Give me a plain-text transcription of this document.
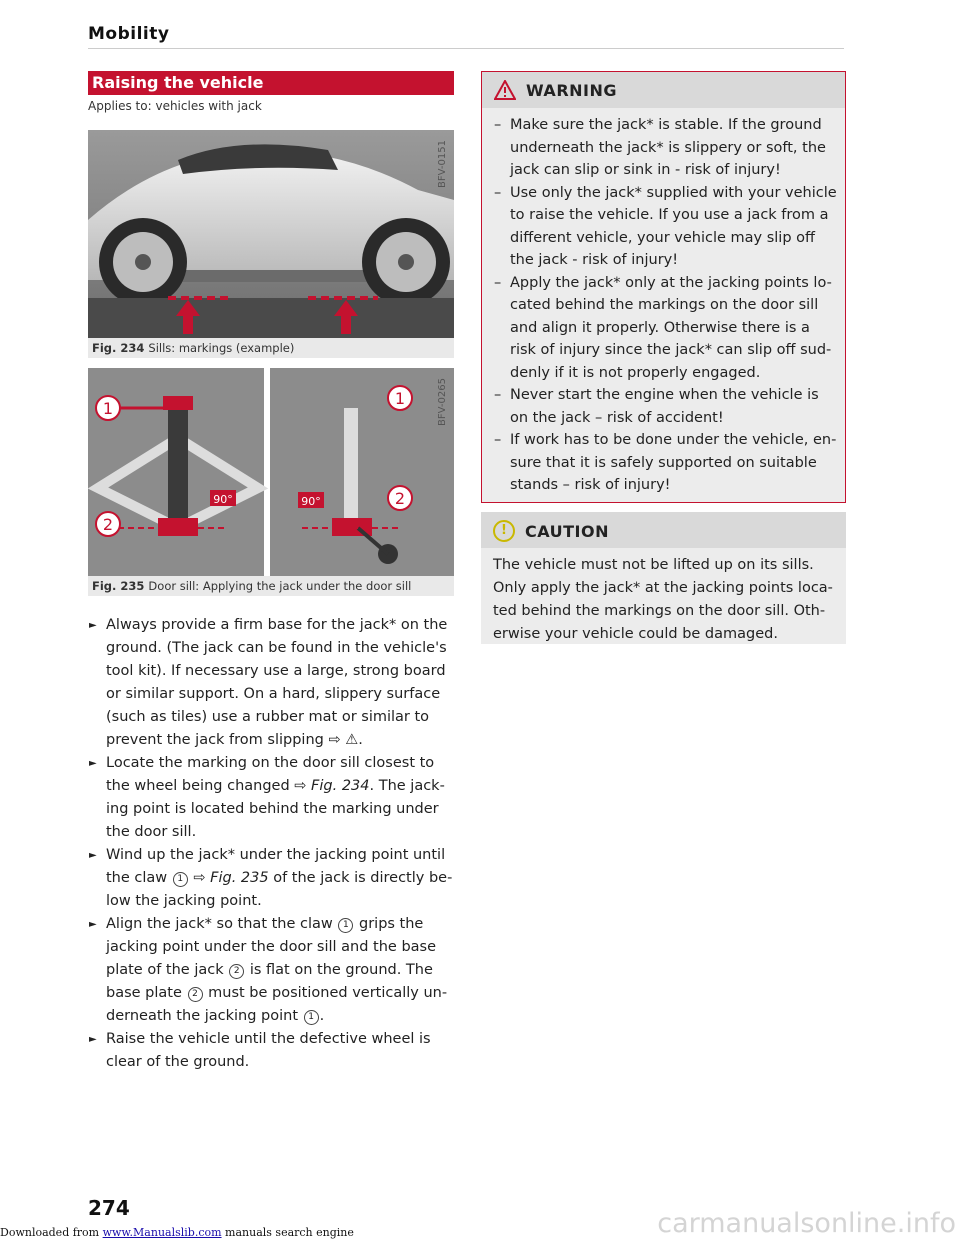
Mobility
Raising the vehicle
Applies to: vehicles with jack
BFV-0151
Fig. 234 Sills: markings (example)
1
2
90°
1
2
90°
BFV-0265
Fig. 235 Door sill: Applying the jack under the door sill
► Always provide a firm base for the jack* on the ground. (The jack can be found in the vehicle's tool kit). If necessary use a large, strong board or similar support. On a hard, slippery surface (such as tiles) use a rubber mat or similar to prevent the jack from slipping ⇨ ⚠.
► Locate the marking on the door sill closest to the wheel being changed ⇨ Fig. 234. The jack-ing point is located behind the marking under the door sill.
► Wind up the jack* under the jacking point until the claw 1 ⇨ Fig. 235 of the jack is directly be-low the jacking point.
► Align the jack* so that the claw 1 grips the jacking point under the door sill and the base plate of the jack 2 is flat on the ground. The base plate 2 must be positioned vertically un-derneath the jacking point 1 .
► Raise the vehicle until the defective wheel is clear of the ground.
WARNING
– Make sure the jack* is stable. If the ground underneath the jack* is slippery or soft, the jack can slip or sink in - risk of injury!
– Use only the jack* supplied with your vehicle to raise the vehicle. If you use a jack from a different vehicle, your vehicle may slip off the jack - risk of injury!
– Apply the jack* only at the jacking points lo-cated behind the markings on the door sill and align it properly. Otherwise there is a risk of injury since the jack* can slip off sud-denly if it is not properly engaged.
– Never start the engine when the vehicle is on the jack – risk of accident!
– If work has to be done under the vehicle, en-sure that it is safely supported on suitable stands – risk of injury!
!	CAUTION
The vehicle must not be lifted up on its sills. Only apply the jack* at the jacking points loca-ted behind the markings on the door sill. Oth-erwise your vehicle could be damaged.
274
Downloaded from www.Manualslib.com manuals search engine	carmanualsonline.info
